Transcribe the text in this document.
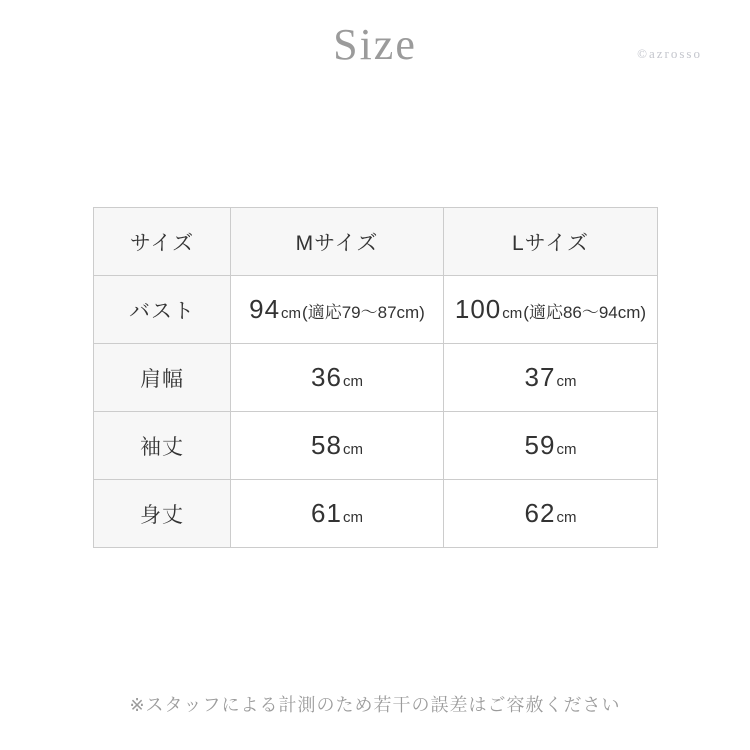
Size	©azrosso
サイズ	Mサイズ	Lサイズ
バスト	94cm(適応79〜87cm)	100cm(適応86〜94cm)
肩幅	36cm	37cm
袖丈	58cm	59cm
身丈	61cm	62cm
※スタッフによる計測のため若干の誤差はご容赦ください
